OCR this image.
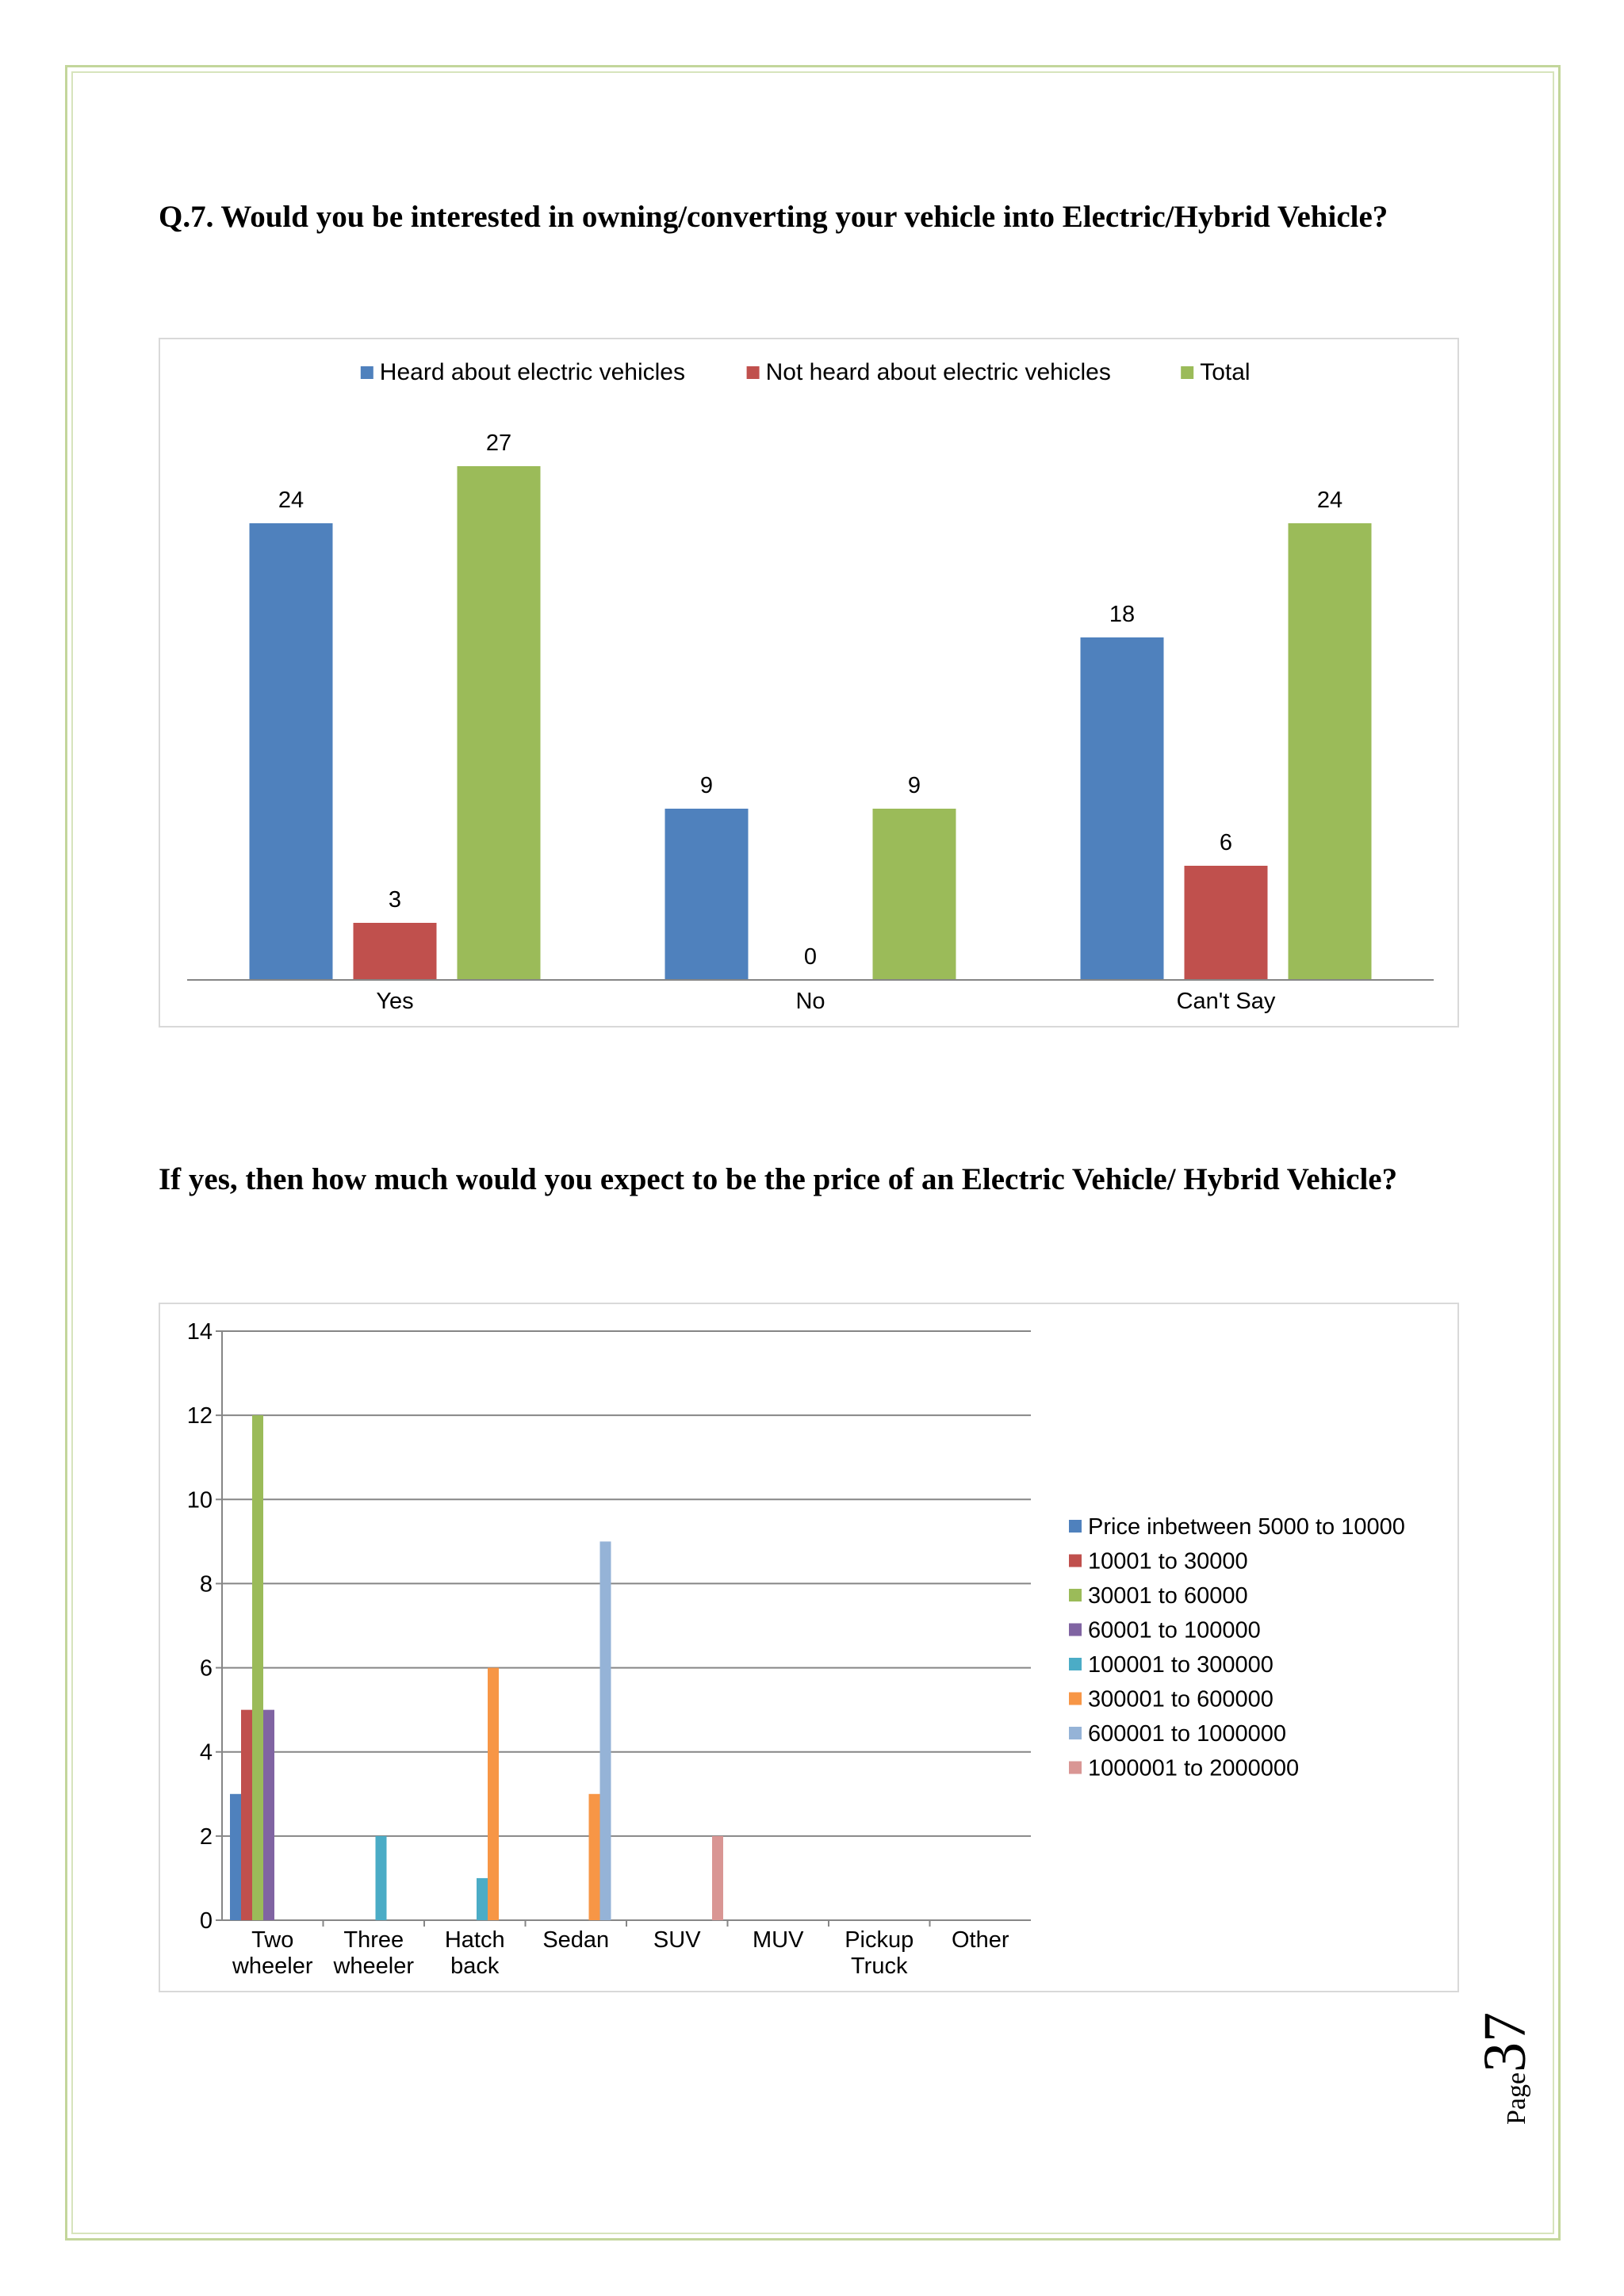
Q.7. Would you be interested in owning/converting your vehicle into Electric/Hybrid Vehicle?

Heard about electric vehicles	Not heard about electric vehicles	Total
24
3
27
Yes
9
0
9
No
18
6
24
Can't Say

If yes, then how much would you expect to be the price of an Electric Vehicle/ Hybrid Vehicle?

0
2
4
6
8
10
12
14
Two wheeler
Three wheeler
Hatch back
Sedan SUV MUV Pickup Truck
Other
Price inbetween 5000 to 10000
10001 to 30000
30001 to 60000
60001 to 100000
100001 to 300000
300001 to 600000
600001 to 1000000
1000001 to 2000000
Page37
